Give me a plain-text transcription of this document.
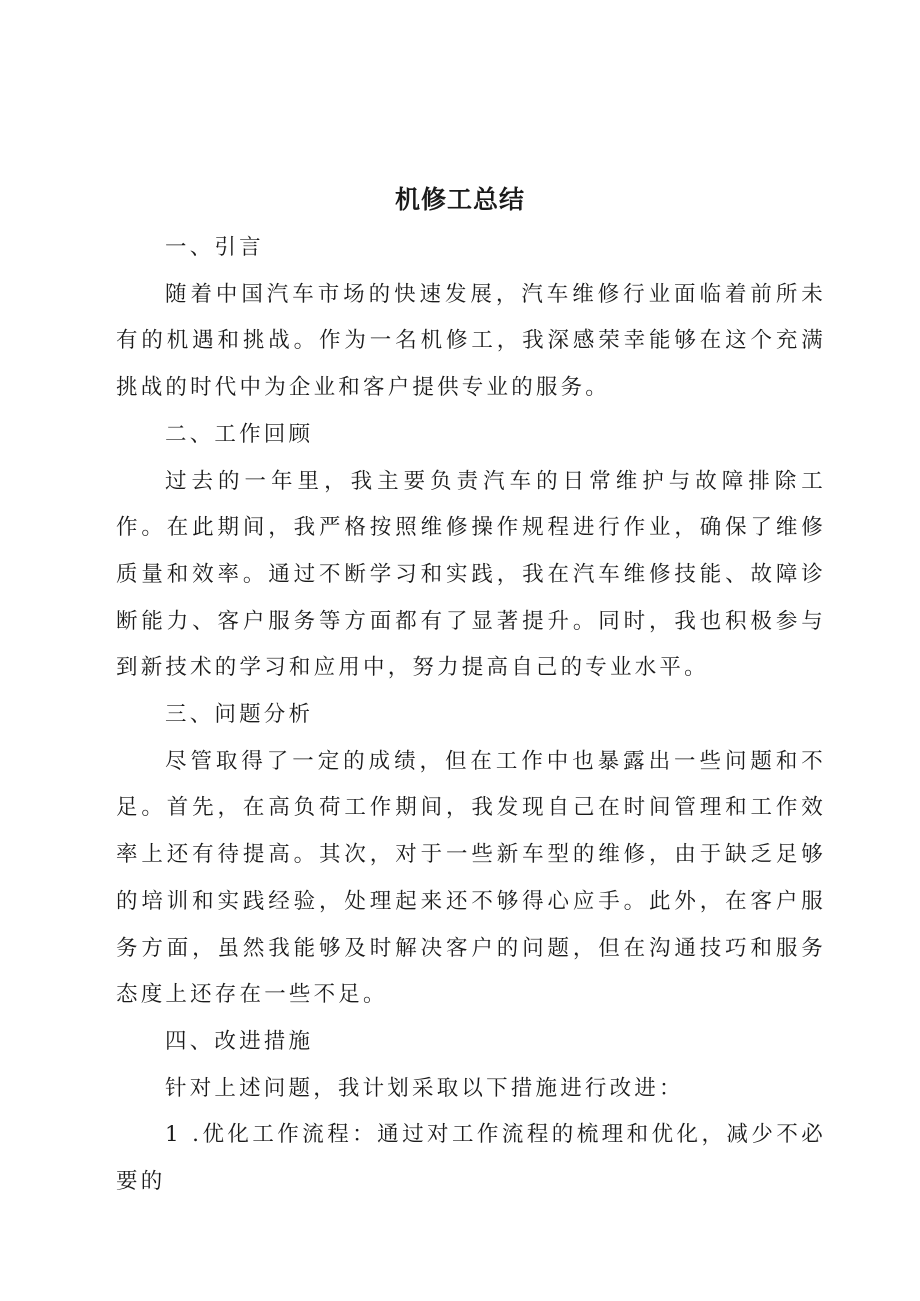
机修工总结

一、引言

随着中国汽车市场的快速发展，汽车维修行业面临着前所未有的机遇和挑战。作为一名机修工，我深感荣幸能够在这个充满挑战的时代中为企业和客户提供专业的服务。

二、工作回顾

过去的一年里，我主要负责汽车的日常维护与故障排除工作。在此期间，我严格按照维修操作规程进行作业，确保了维修质量和效率。通过不断学习和实践，我在汽车维修技能、故障诊断能力、客户服务等方面都有了显著提升。同时，我也积极参与到新技术的学习和应用中，努力提高自己的专业水平。

三、问题分析

尽管取得了一定的成绩，但在工作中也暴露出一些问题和不足。首先，在高负荷工作期间，我发现自己在时间管理和工作效率上还有待提高。其次，对于一些新车型的维修，由于缺乏足够的培训和实践经验，处理起来还不够得心应手。此外，在客户服务方面，虽然我能够及时解决客户的问题，但在沟通技巧和服务态度上还存在一些不足。

四、改进措施

针对上述问题，我计划采取以下措施进行改进：

1 .优化工作流程：通过对工作流程的梳理和优化，减少不必要的
